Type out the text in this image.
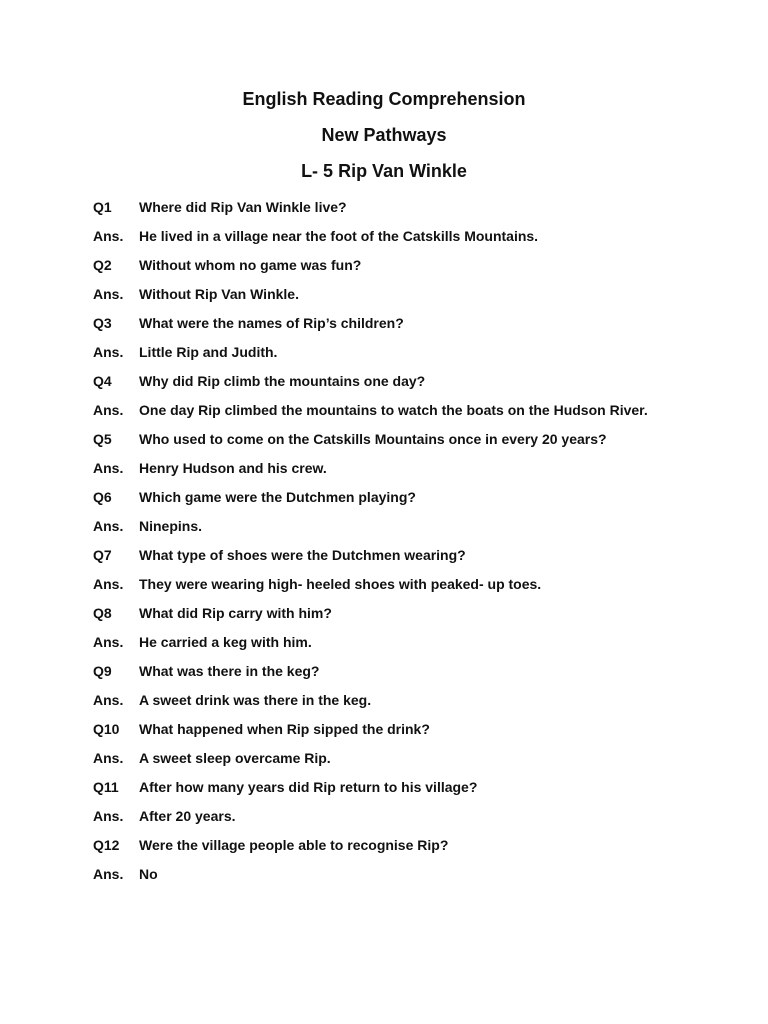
English Reading Comprehension
New Pathways
L- 5 Rip Van Winkle
Q1	Where did Rip Van Winkle live?
Ans.	He lived in a village near the foot of the Catskills Mountains.
Q2	Without whom no game was fun?
Ans.	Without Rip Van Winkle.
Q3	What were the names of Rip’s children?
Ans.	Little Rip and Judith.
Q4	Why did Rip climb the mountains one day?
Ans.	One day Rip climbed the mountains to watch the boats on the Hudson River.
Q5	Who used to come on the Catskills Mountains once in every 20 years?
Ans.	Henry Hudson and his crew.
Q6	Which game were the Dutchmen playing?
Ans.	Ninepins.
Q7	What type of shoes were the Dutchmen wearing?
Ans.	They were wearing high- heeled shoes with peaked- up toes.
Q8	What did Rip carry with him?
Ans.	He carried a keg with him.
Q9	What was there in the keg?
Ans.	A sweet drink was there in the keg.
Q10	What happened when Rip sipped the drink?
Ans.	A sweet sleep overcame Rip.
Q11	After how many years did Rip return to his village?
Ans.	After 20 years.
Q12	Were the village people able to recognise Rip?
Ans.	No
